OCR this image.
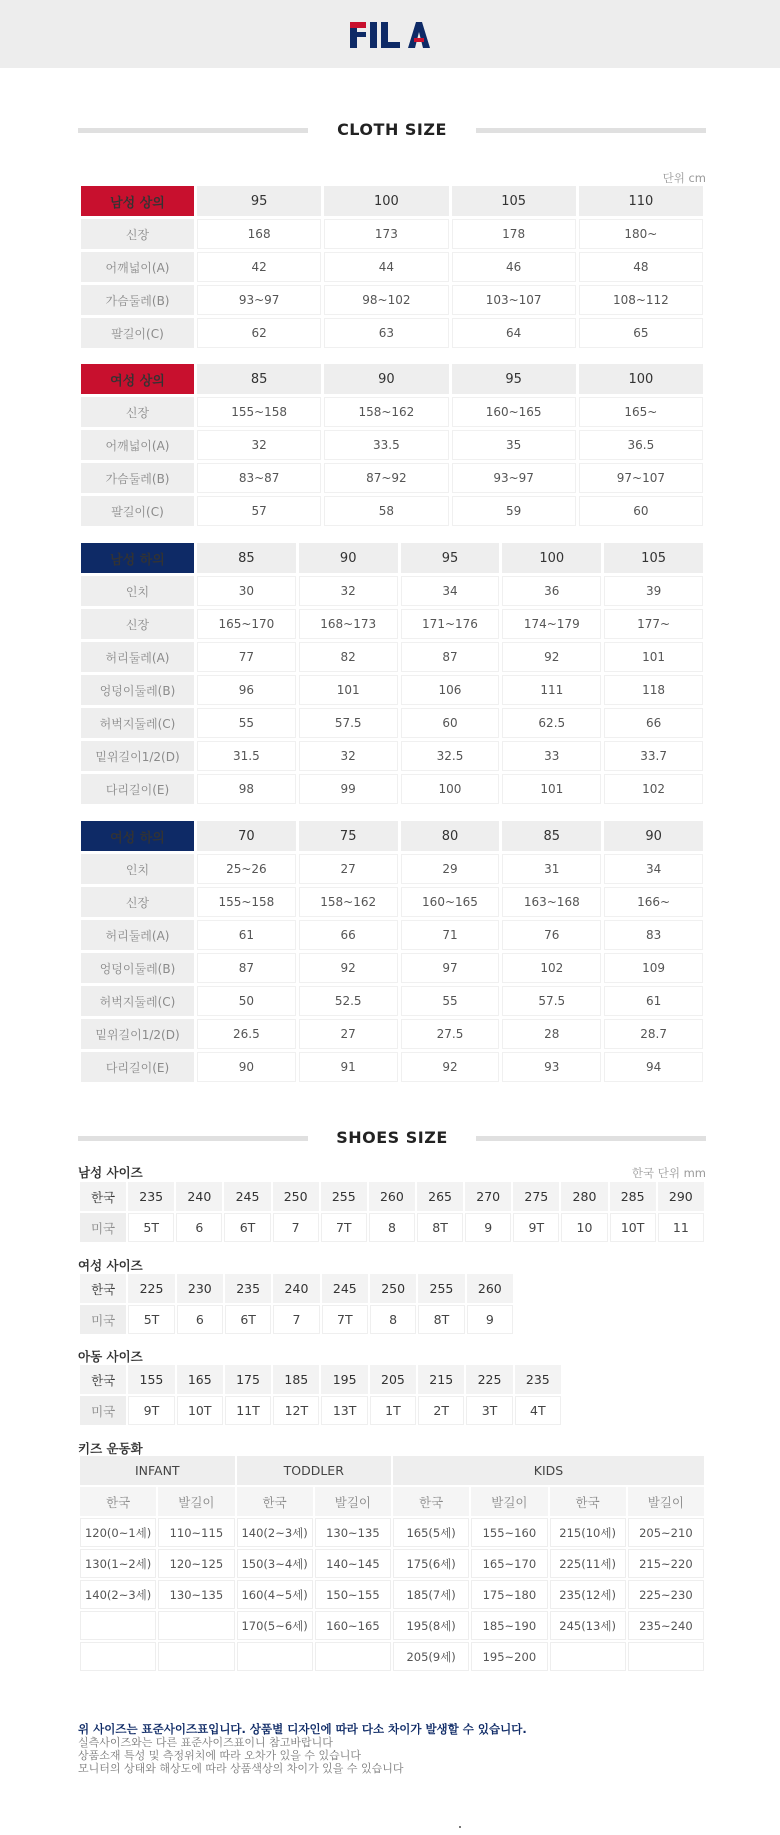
CLOTH SIZE
단위 cm
남성 상의	95	100	105	110
신장	168	173	178	180~
어깨넓이(A)	42	44	46	48
가슴둘레(B)	93~97	98~102	103~107	108~112
팔길이(C)	62	63	64	65
여성 상의	85	90	95	100
신장	155~158	158~162	160~165	165~
어깨넓이(A)	32	33.5	35	36.5
가슴둘레(B)	83~87	87~92	93~97	97~107
팔길이(C)	57	58	59	60
남성 하의	85	90	95	100	105
인치	30	32	34	36	39
신장	165~170	168~173	171~176	174~179	177~
허리둘레(A)	77	82	87	92	101
엉덩이둘레(B)	96	101	106	111	118
허벅지둘레(C)	55	57.5	60	62.5	66
밑위길이1/2(D)	31.5	32	32.5	33	33.7
다리길이(E)	98	99	100	101	102
여성 하의	70	75	80	85	90
인치	25~26	27	29	31	34
신장	155~158	158~162	160~165	163~168	166~
허리둘레(A)	61	66	71	76	83
엉덩이둘레(B)	87	92	97	102	109
허벅지둘레(C)	50	52.5	55	57.5	61
밑위길이1/2(D)	26.5	27	27.5	28	28.7
다리길이(E)	90	91	92	93	94
SHOES SIZE
남성 사이즈	한국 단위 mm
한국	235	240	245	250	255	260	265	270	275	280	285	290
미국	5T	6	6T	7	7T	8	8T	9	9T	10	10T	11
여성 사이즈
한국	225	230	235	240	245	250	255	260
미국	5T	6	6T	7	7T	8	8T	9
아동 사이즈
한국	155	165	175	185	195	205	215	225	235
미국	9T	10T	11T	12T	13T	1T	2T	3T	4T
키즈 운동화
INFANT		TODDLER		KIDS			
한국	발길이	한국	발길이	한국	발길이	한국	발길이
120(0~1세)	110~115	140(2~3세)	130~135	165(5세)	155~160	215(10세)	205~210
130(1~2세)	120~125	150(3~4세)	140~145	175(6세)	165~170	225(11세)	215~220
140(2~3세)	130~135	160(4~5세)	150~155	185(7세)	175~180	235(12세)	225~230
		170(5~6세)	160~165	195(8세)	185~190	245(13세)	235~240
				205(9세)	195~200		
위 사이즈는 표준사이즈표입니다. 상품별 디자인에 따라 다소 차이가 발생할 수 있습니다.
실측사이즈와는 다른 표준사이즈표이니 참고바랍니다
상품소재 특성 및 측정위치에 따라 오차가 있을 수 있습니다
모니터의 상태와 해상도에 따라 상품색상의 차이가 있을 수 있습니다
